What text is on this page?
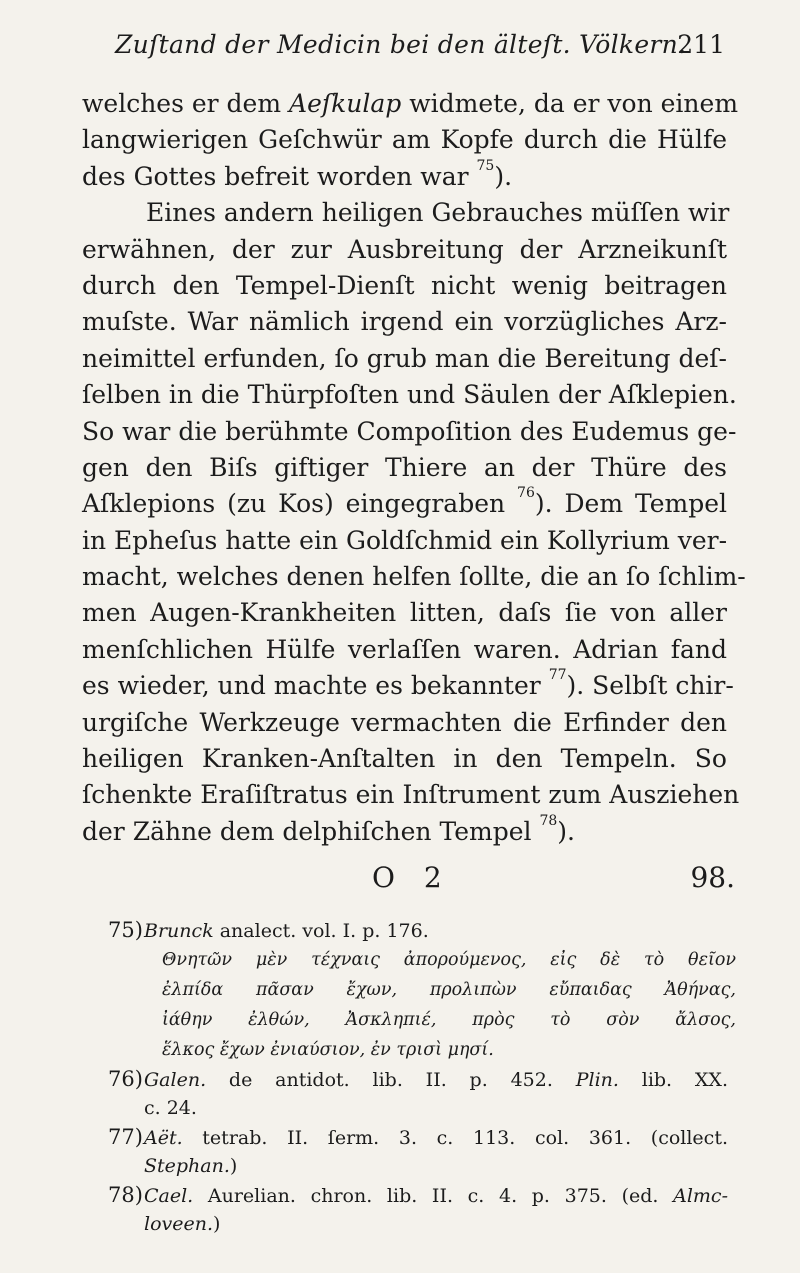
Zuſtand der Medicin bei den älteſt. Völkern.
211
welches er dem Aeſkulap widmete, da er von einem
langwierigen Geſchwür am Kopfe durch die Hülfe
des Gottes befreit worden war $^{75}$).
Eines andern heiligen Gebrauches müſſen wir
erwähnen, der zur Ausbreitung der Arzneikunſt
durch den Tempel-Dienſt nicht wenig beitragen
muſste. War nämlich irgend ein vorzügliches Arz-
neimittel erfunden, ſo grub man die Bereitung deſ-
ſelben in die Thürpfoſten und Säulen der Aſklepien.
So war die berühmte Compoſition des Eudemus ge-
gen den Biſs giftiger Thiere an der Thüre des
Aſklepions (zu Kos) eingegraben $^{76}$). Dem Tempel
in Epheſus hatte ein Goldſchmid ein Kollyrium ver-
macht, welches denen helfen ſollte, die an ſo ſchlim-
men Augen-Krankheiten litten, daſs ſie von aller
menſchlichen Hülfe verlaſſen waren. Adrian fand
es wieder, und machte es bekannter $^{77}$). Selbſt chir-
urgiſche Werkzeuge vermachten die Erfinder den
heiligen Kranken-Anſtalten in den Tempeln. So
ſchenkte Eraſiſtratus ein Inſtrument zum Ausziehen
der Zähne dem delphiſchen Tempel $^{78}$).
O 2	98.
75)Brunck analect. vol. I. p. 176.
Θνητῶν μὲν τέχναις ἀπορούμενος, εἰς δὲ τὸ θεῖον
ἐλπίδα πᾶσαν ἔχων, προλιπὼν εὔπαιδας Ἀθήνας,
ἰάθην ἐλθών, Ἀσκληπιέ, πρὸς τὸ σὸν ἄλσος,
ἕλκος ἔχων ἐνιαύσιον, ἐν τρισὶ μησί.
76)Galen. de antidot. lib. II. p. 452. Plin. lib. XX.
c. 24.
77)Aët. tetrab. II. ſerm. 3. c. 113. col. 361. (collect.
Stephan.)
78)Cael. Aurelian. chron. lib. II. c. 4. p. 375. (ed. Almc-
loveen.)
